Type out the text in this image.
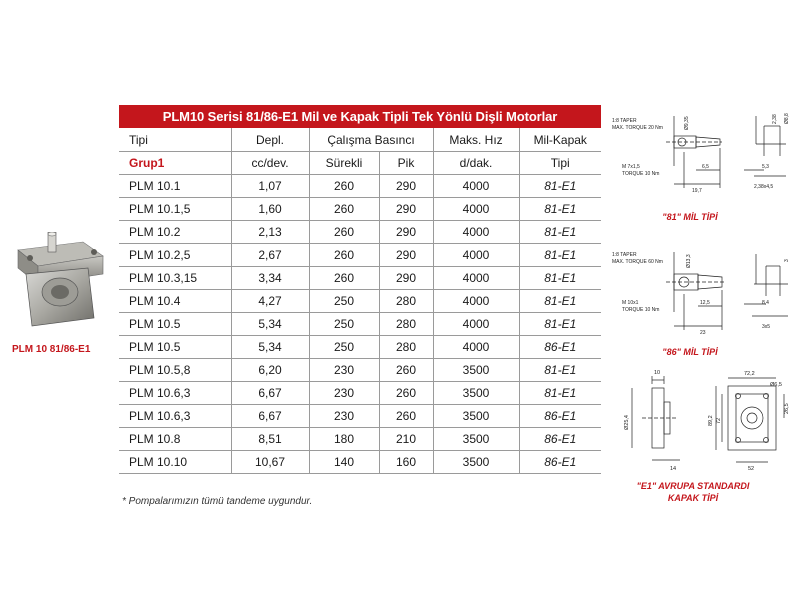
PLM 10 81/86-E1
PLM10 Serisi 81/86-E1 Mil ve Kapak Tipli Tek Yönlü Dişli Motorlar
Tipi	Depl.	Çalışma Basıncı		Maks. Hız	Mil-Kapak
Grup1	cc/dev.	Sürekli	Pik	d/dak.	Tipi
PLM 10.1	1,07	260	290	4000	81-E1
PLM 10.1,5	1,60	260	290	4000	81-E1
PLM 10.2	2,13	260	290	4000	81-E1
PLM 10.2,5	2,67	260	290	4000	81-E1
PLM 10.3,15	3,34	260	290	4000	81-E1
PLM 10.4	4,27	250	280	4000	81-E1
PLM 10.5	5,34	250	280	4000	81-E1
PLM 10.5	5,34	250	280	4000	86-E1
PLM 10.5,8	6,20	230	260	3500	81-E1
PLM 10.6,3	6,67	230	260	3500	81-E1
PLM 10.6,3	6,67	230	260	3500	86-E1
PLM 10.8	8,51	180	210	3500	86-E1
PLM 10.10	10,67	140	160	3500	86-E1
* Pompalarımızın tümü tandeme uygundur.
1:8 TAPER
MAX. TORQUE 20 Nm
M 7x1,5
TORQUE 10 Nm
6,5
19,7
5,3
2,38x4,5
Ø9,35	Ø8,8
2,38
"81" MİL TİPİ
1:8 TAPER
MAX. TORQUE 60 Nm
M 10x1
TORQUE 10 Nm
12,5
23
8,4
3x5
Ø13,3	3
"86" MİL TİPİ
10
Ø25,4
14
72,2
Ø6,5
26,5
89,2 72
52
"E1" AVRUPA STANDARDI
KAPAK TİPİ
